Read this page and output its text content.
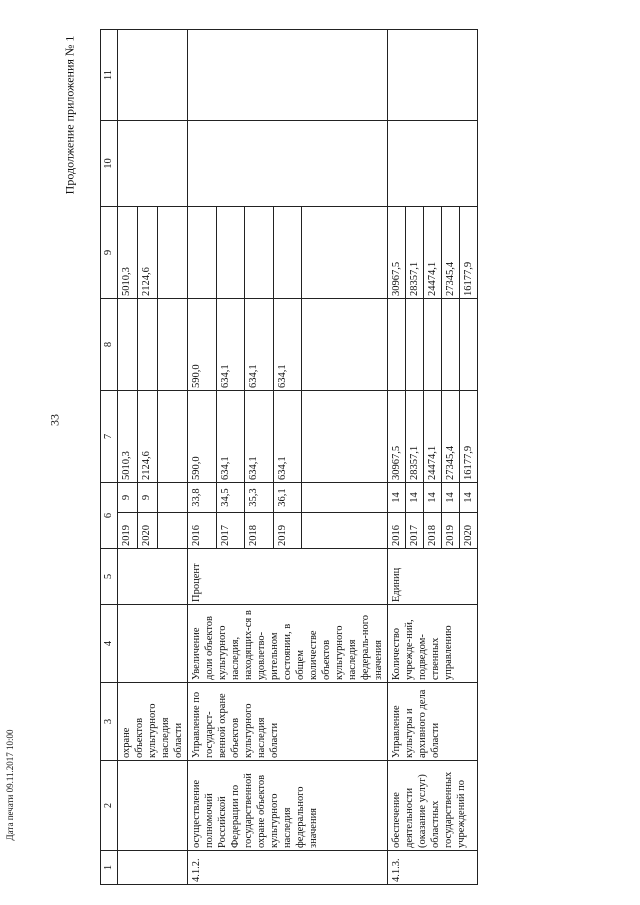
33
Продолжение приложения № 1
Дата печати 09.11.2017 10:00
1	2	3	4	5	6		7	8	9	10	11
		охране объектов культурного наследия области			2019	9	5010,3		5010,3		
					2020	9	2124,6		2124,6		

4.1.2.	осуществление полномочий Российской Федерации по государственной охране объектов культурного наследия федерального значения	Управление по государст-венной охране объектов культурного наследия области	Увеличение доли объектов культурного наследия, находящих-ся в удовлетво-рительном состоянии, в общем количестве объектов культурного наследия федераль-ного значения	Процент	2016	33,8	590,0	590,0			
					2017	34,5	634,1	634,1			
					2018	35,3	634,1	634,1			
					2019	36,1	634,1	634,1			

4.1.3.	обеспечение деятельности (оказание услуг) областных государственных учреждений по	Управление культуры и архивного дела области	Количество учрежде-ний, подведом-ственных управлению	Единиц	2016	14	30967,5		30967,5		
					2017	14	28357,1		28357,1		
					2018	14	24474,1		24474,1		
					2019	14	27345,4		27345,4		
					2020	14	16177,9		16177,9		
